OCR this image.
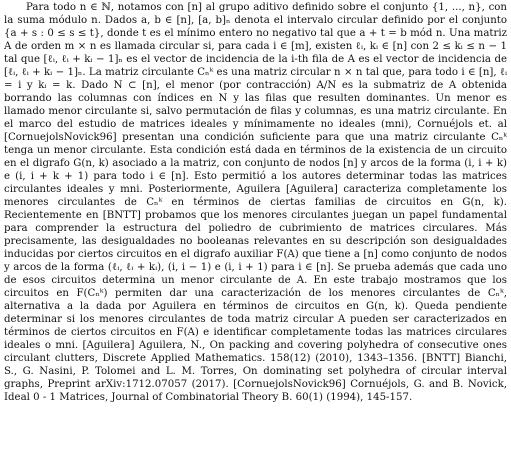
Para todo n ∈ ℕ, notamos con [n] al grupo aditivo definido sobre el conjunto {1, ..., n}, con la suma módulo n. Dados a, b ∈ [n], [a, b]ₙ denota el intervalo circular definido por el conjunto {a + s : 0 ≤ s ≤ t}, donde t es el mínimo entero no negativo tal que a + t = b mód n. Una matriz A de orden m × n es llamada circular si, para cada i ∈ [m], existen ℓᵢ, kᵢ ∈ [n] con 2 ≤ kᵢ ≤ n − 1 tal que [ℓᵢ, ℓᵢ + kᵢ − 1]ₙ es el vector de incidencia de la i-th fila de A es el vector de incidencia de [ℓᵢ, ℓᵢ + kᵢ − 1]ₙ. La matriz circulante Cₙᵏ es una matriz circular n × n tal que, para todo i ∈ [n], ℓᵢ = i y kᵢ = k. Dado N ⊂ [n], el menor (por contracción) A/N es la submatriz de A obtenida borrando las columnas con índices en N y las filas que resulten dominantes. Un menor es llamado menor circulante si, salvo permutación de filas y columnas, es una matriz circulante. En el marco del estudio de matrices ideales y mínimamente no ideales (mni), Cornuéjols et. al [CornuejolsNovick96] presentan una condición suficiente para que una matriz circulante Cₙᵏ tenga un menor circulante. Esta condición está dada en términos de la existencia de un circuito en el digrafo G(n, k) asociado a la matriz, con conjunto de nodos [n] y arcos de la forma (i, i + k) e (i, i + k + 1) para todo i ∈ [n]. Esto permitió a los autores determinar todas las matrices circulantes ideales y mni. Posteriormente, Aguilera [Aguilera] caracteriza completamente los menores circulantes de Cₙᵏ en términos de ciertas familias de circuitos en G(n, k). Recientemente en [BNTT] probamos que los menores circulantes juegan un papel fundamental para comprender la estructura del poliedro de cubrimiento de matrices circulares. Más precisamente, las desigualdades no booleanas relevantes en su descripción son desigualdades inducidas por ciertos circuitos en el digrafo auxiliar F(A) que tiene a [n] como conjunto de nodos y arcos de la forma (ℓᵢ, ℓᵢ + kᵢ), (i, i − 1) e (i, i + 1) para i ∈ [n]. Se prueba además que cada uno de esos circuitos determina un menor circulante de A. En este trabajo mostramos que los circuitos en F(Cₙᵏ) permiten dar una caracterización de los menores circulantes de Cₙᵏ, alternativa a la dada por Aguilera en términos de circuitos en G(n, k). Queda pendiente determinar si los menores circulantes de toda matriz circular A pueden ser caracterizados en términos de ciertos circuitos en F(A) e identificar completamente todas las matrices circulares ideales o mni. [Aguilera] Aguilera, N., On packing and covering polyhedra of consecutive ones circulant clutters, Discrete Applied Mathematics. 158(12) (2010), 1343–1356. [BNTT] Bianchi, S., G. Nasini, P. Tolomei and L. M. Torres, On dominating set polyhedra of circular interval graphs, Preprint arXiv:1712.07057 (2017). [CornuejolsNovick96] Cornuéjols, G. and B. Novick, Ideal 0 - 1 Matrices, Journal of Combinatorial Theory B. 60(1) (1994), 145-157.
